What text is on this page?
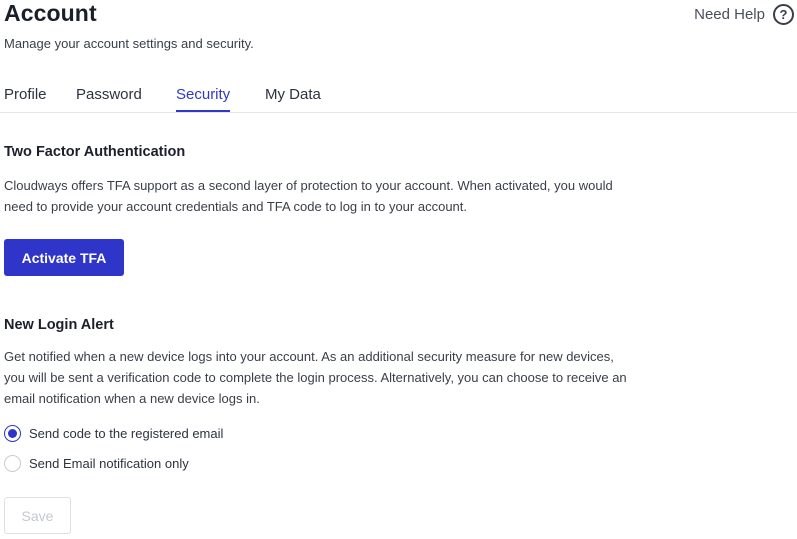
Account
Manage your account settings and security.
Need Help	?
Profile Password Security My Data
Two Factor Authentication
Cloudways offers TFA support as a second layer of protection to your account. When activated, you would
need to provide your account credentials and TFA code to log in to your account.
Activate TFA
New Login Alert
Get notified when a new device logs into your account. As an additional security measure for new devices,
you will be sent a verification code to complete the login process. Alternatively, you can choose to receive an
email notification when a new device logs in.
Send code to the registered email
Send Email notification only
Save
